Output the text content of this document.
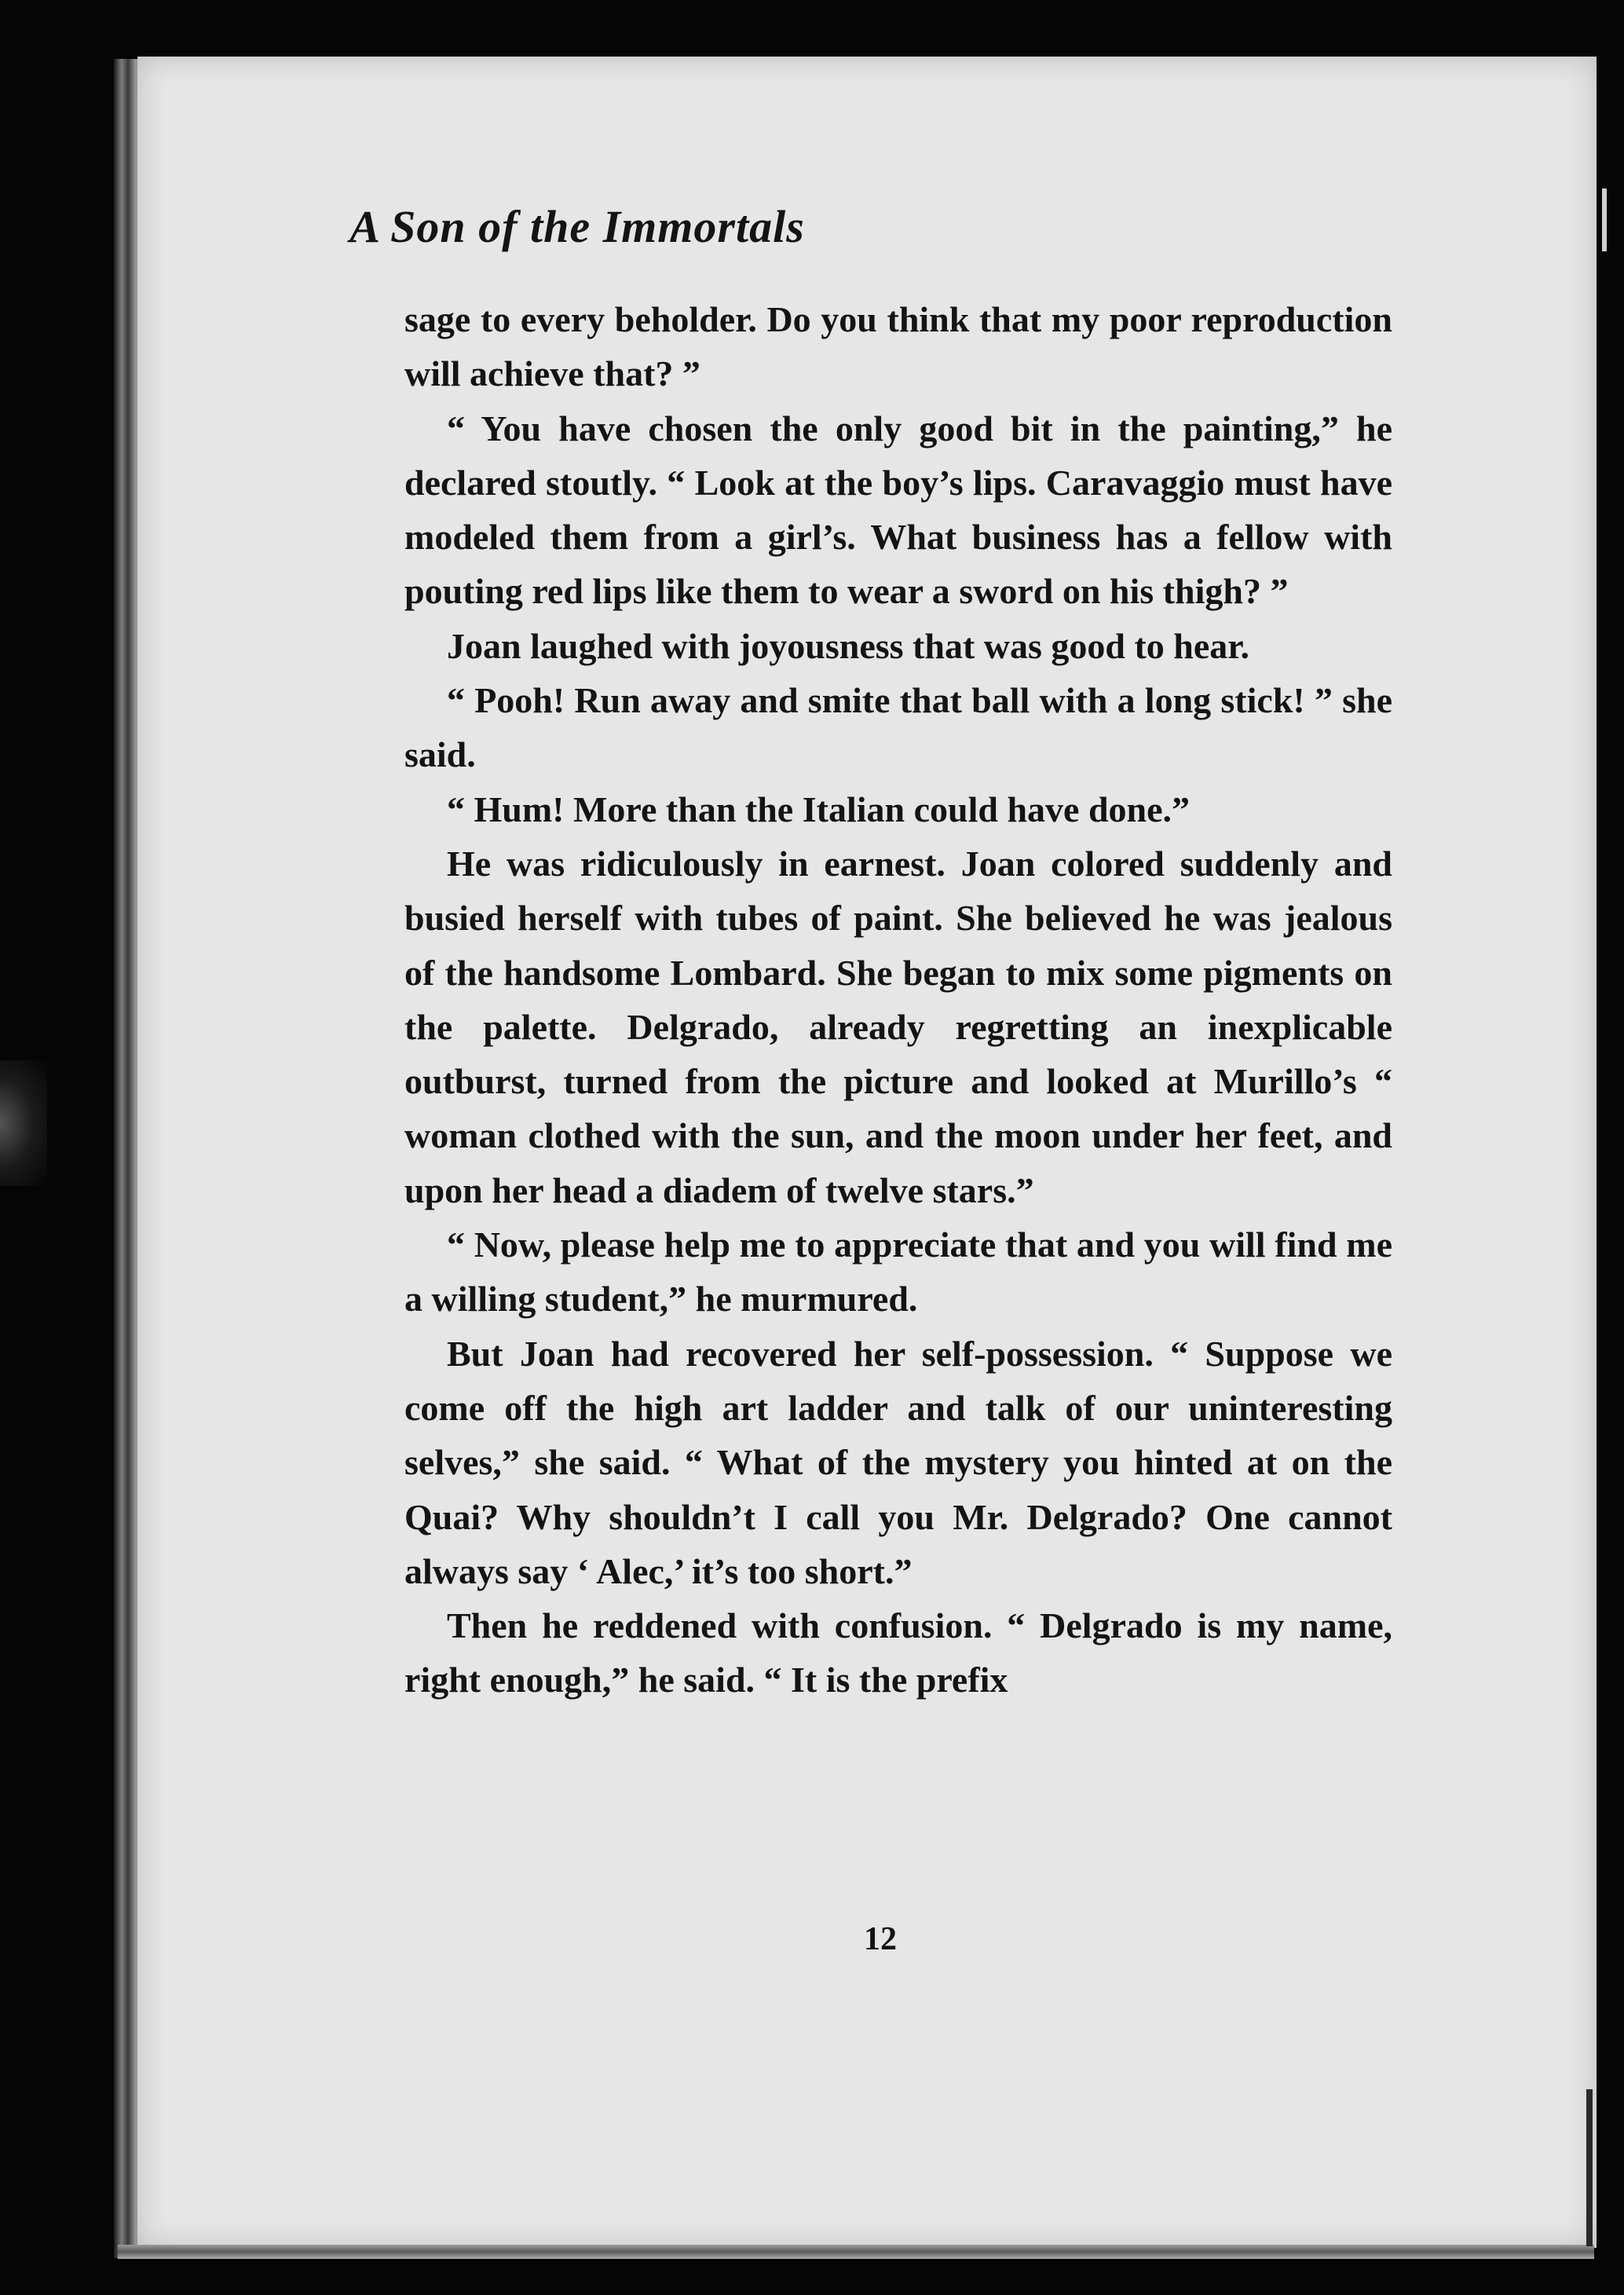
A Son of the Immortals

sage to every beholder. Do you think that my poor reproduction will achieve that? ”

“ You have chosen the only good bit in the painting,” he declared stoutly. “ Look at the boy’s lips. Caravaggio must have modeled them from a girl’s. What business has a fellow with pouting red lips like them to wear a sword on his thigh? ”

Joan laughed with joyousness that was good to hear.

“ Pooh! Run away and smite that ball with a long stick! ” she said.

“ Hum! More than the Italian could have done.”

He was ridiculously in earnest. Joan colored suddenly and busied herself with tubes of paint. She believed he was jealous of the handsome Lombard. She began to mix some pigments on the palette. Delgrado, already regretting an inexplicable outburst, turned from the picture and looked at Murillo’s “ woman clothed with the sun, and the moon under her feet, and upon her head a diadem of twelve stars.”

“ Now, please help me to appreciate that and you will find me a willing student,” he murmured.

But Joan had recovered her self-possession. “ Suppose we come off the high art ladder and talk of our uninteresting selves,” she said. “ What of the mystery you hinted at on the Quai? Why shouldn’t I call you Mr. Delgrado? One cannot always say ‘ Alec,’ it’s too short.”

Then he reddened with confusion. “ Delgrado is my name, right enough,” he said. “ It is the prefix

12
